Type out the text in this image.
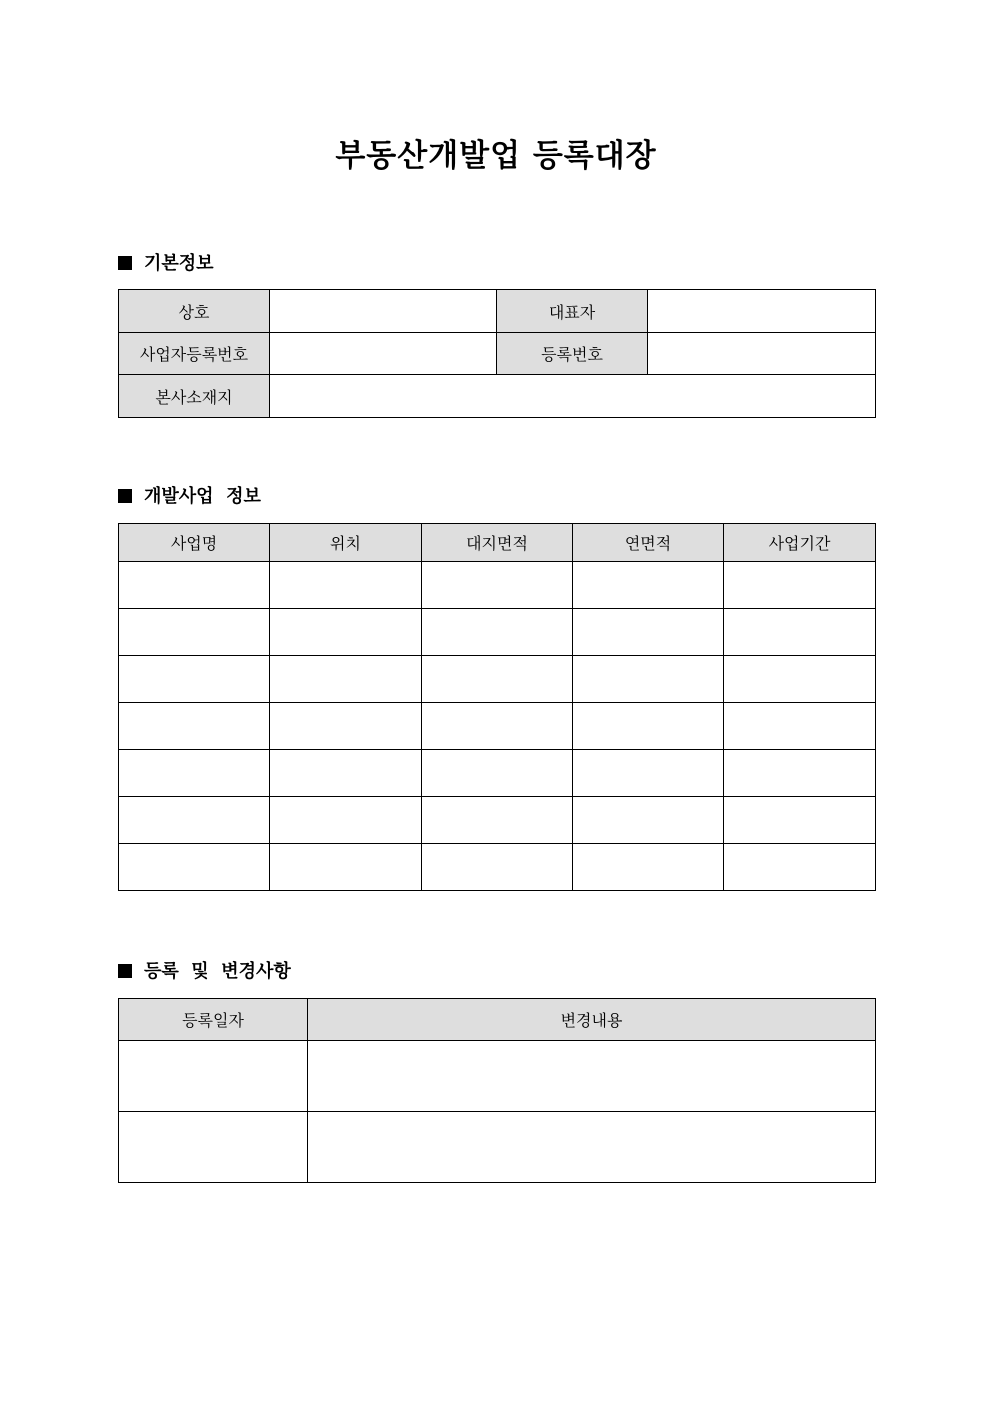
부동산개발업 등록대장
기본정보
상호		대표자	
사업자등록번호		등록번호	
본사소재지			
개발사업  정보
사업명	위치	대지면적	연면적	사업기간

등록  및  변경사항
등록일자	변경내용
